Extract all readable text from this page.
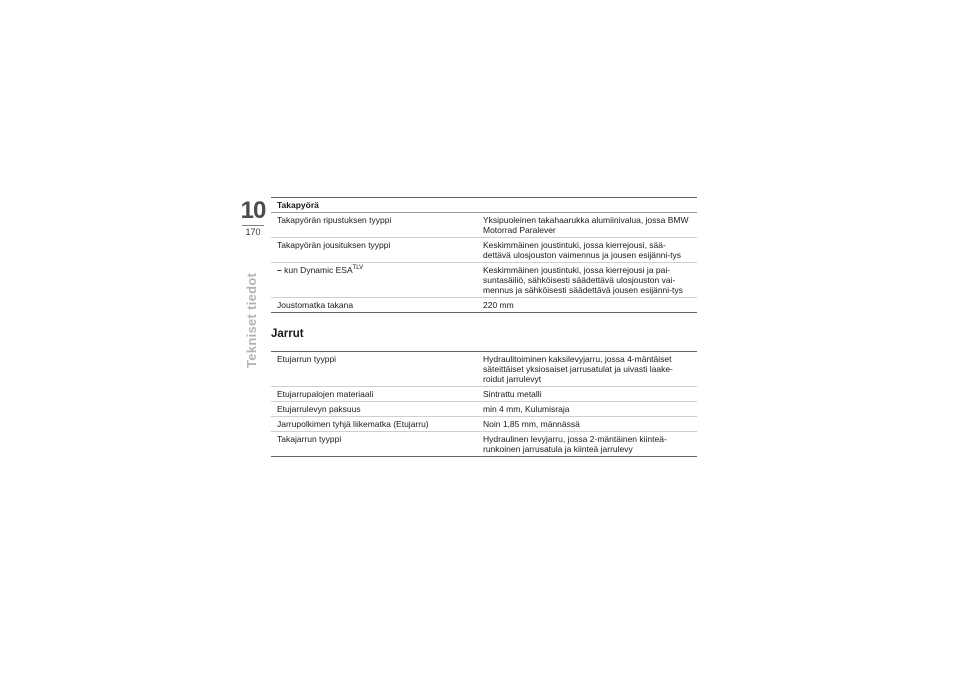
10
170
Tekniset tiedot
Takapyörä
Takapyörän ripustuksen tyyppi	Yksipuoleinen takahaarukka alumiinivalua, jossa BMW Motorrad Paralever
Takapyörän jousituksen tyyppi	Keskimmäinen joustintuki, jossa kierrejousi, sää-dettävä ulosjouston vaimennus ja jousen esijänni-tys
– kun Dynamic $ESA^{TLV}$	Keskimmäinen joustintuki, jossa kierrejousi ja pai-suntasäiliö, sähköisesti säädettävä ulosjouston vai-mennus ja sähköisesti säädettävä jousen esijänni-tys
Joustomatka takana	220 mm
Jarrut
Etujarrun tyyppi	Hydraulitoiminen kaksilevyjarru, jossa 4-mäntäiset säteittäiset yksiosaiset jarrusatulat ja uivasti laake-roidut jarrulevyt
Etujarrupalojen materiaali	Sintrattu metalli
Etujarrulevyn paksuus	min 4 mm, Kulumisraja
Jarrupolkimen tyhjä liikematka (Etujarru)	Noin 1,85 mm, männässä
Takajarrun tyyppi	Hydraulinen levyjarru, jossa 2-mäntäinen kiinteä-runkoinen jarrusatula ja kiinteä jarrulevy
